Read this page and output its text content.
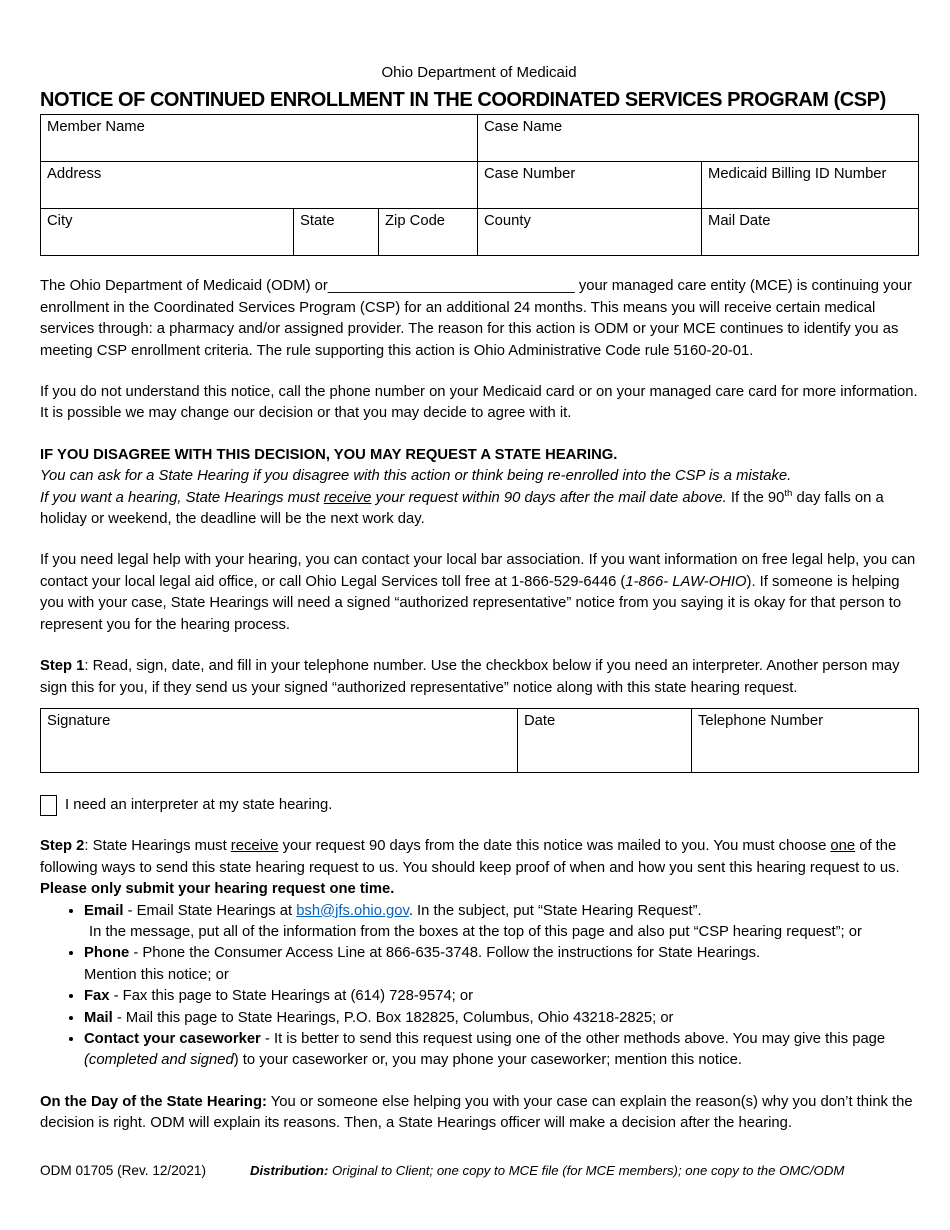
Ohio Department of Medicaid
NOTICE OF CONTINUED ENROLLMENT IN THE COORDINATED SERVICES PROGRAM (CSP)
Member Name			Case Name	
Address			Case Number	Medicaid Billing ID Number
City	State	Zip Code	County	Mail Date

The Ohio Department of Medicaid (ODM) or______________________________ your managed care entity (MCE) is continuing your enrollment in the Coordinated Services Program (CSP) for an additional 24 months. This means you will receive certain medical services through: a pharmacy and/or assigned provider. The reason for this action is ODM or your MCE continues to identify you as meeting CSP enrollment criteria. The rule supporting this action is Ohio Administrative Code rule 5160-20-01.

If you do not understand this notice, call the phone number on your Medicaid card or on your managed care card for more information. It is possible we may change our decision or that you may decide to agree with it.

IF YOU DISAGREE WITH THIS DECISION, YOU MAY REQUEST A STATE HEARING.

You can ask for a State Hearing if you disagree with this action or think being re-enrolled into the CSP is a mistake.

If you want a hearing, State Hearings must receive your request within 90 days after the mail date above. If the 90th day falls on a holiday or weekend, the deadline will be the next work day.

If you need legal help with your hearing, you can contact your local bar association. If you want information on free legal help, you can contact your local legal aid office, or call Ohio Legal Services toll free at 1-866-529-6446 (1-866- LAW-OHIO). If someone is helping you with your case, State Hearings will need a signed “authorized representative” notice from you saying it is okay for that person to represent you for the hearing process.

Step 1: Read, sign, date, and fill in your telephone number. Use the checkbox below if you need an interpreter. Another person may sign this for you, if they send us your signed “authorized representative” notice along with this state hearing request.

Signature	Date	Telephone Number
I need an interpreter at my state hearing.

Step 2: State Hearings must receive your request 90 days from the date this notice was mailed to you. You must choose one of the following ways to send this state hearing request to us. You should keep proof of when and how you sent this hearing request to us. Please only submit your hearing request one time.

• Email - Email State Hearings at bsh@jfs.ohio.gov. In the subject, put “State Hearing Request”.
In the message, put all of the information from the boxes at the top of this page and also put “CSP hearing request”; or
• Phone - Phone the Consumer Access Line at 866-635-3748. Follow the instructions for State Hearings.
Mention this notice; or
• Fax - Fax this page to State Hearings at (614) 728-9574; or
• Mail - Mail this page to State Hearings, P.O. Box 182825, Columbus, Ohio 43218-2825; or
• Contact your caseworker - It is better to send this request using one of the other methods above. You may give this page (completed and signed) to your caseworker or, you may phone your caseworker; mention this notice.

On the Day of the State Hearing: You or someone else helping you with your case can explain the reason(s) why you don’t think the decision is right. ODM will explain its reasons. Then, a State Hearings officer will make a decision after the hearing.

ODM 01705 (Rev. 12/2021)	Distribution: Original to Client; one copy to MCE file (for MCE members); one copy to the OMC/ODM
